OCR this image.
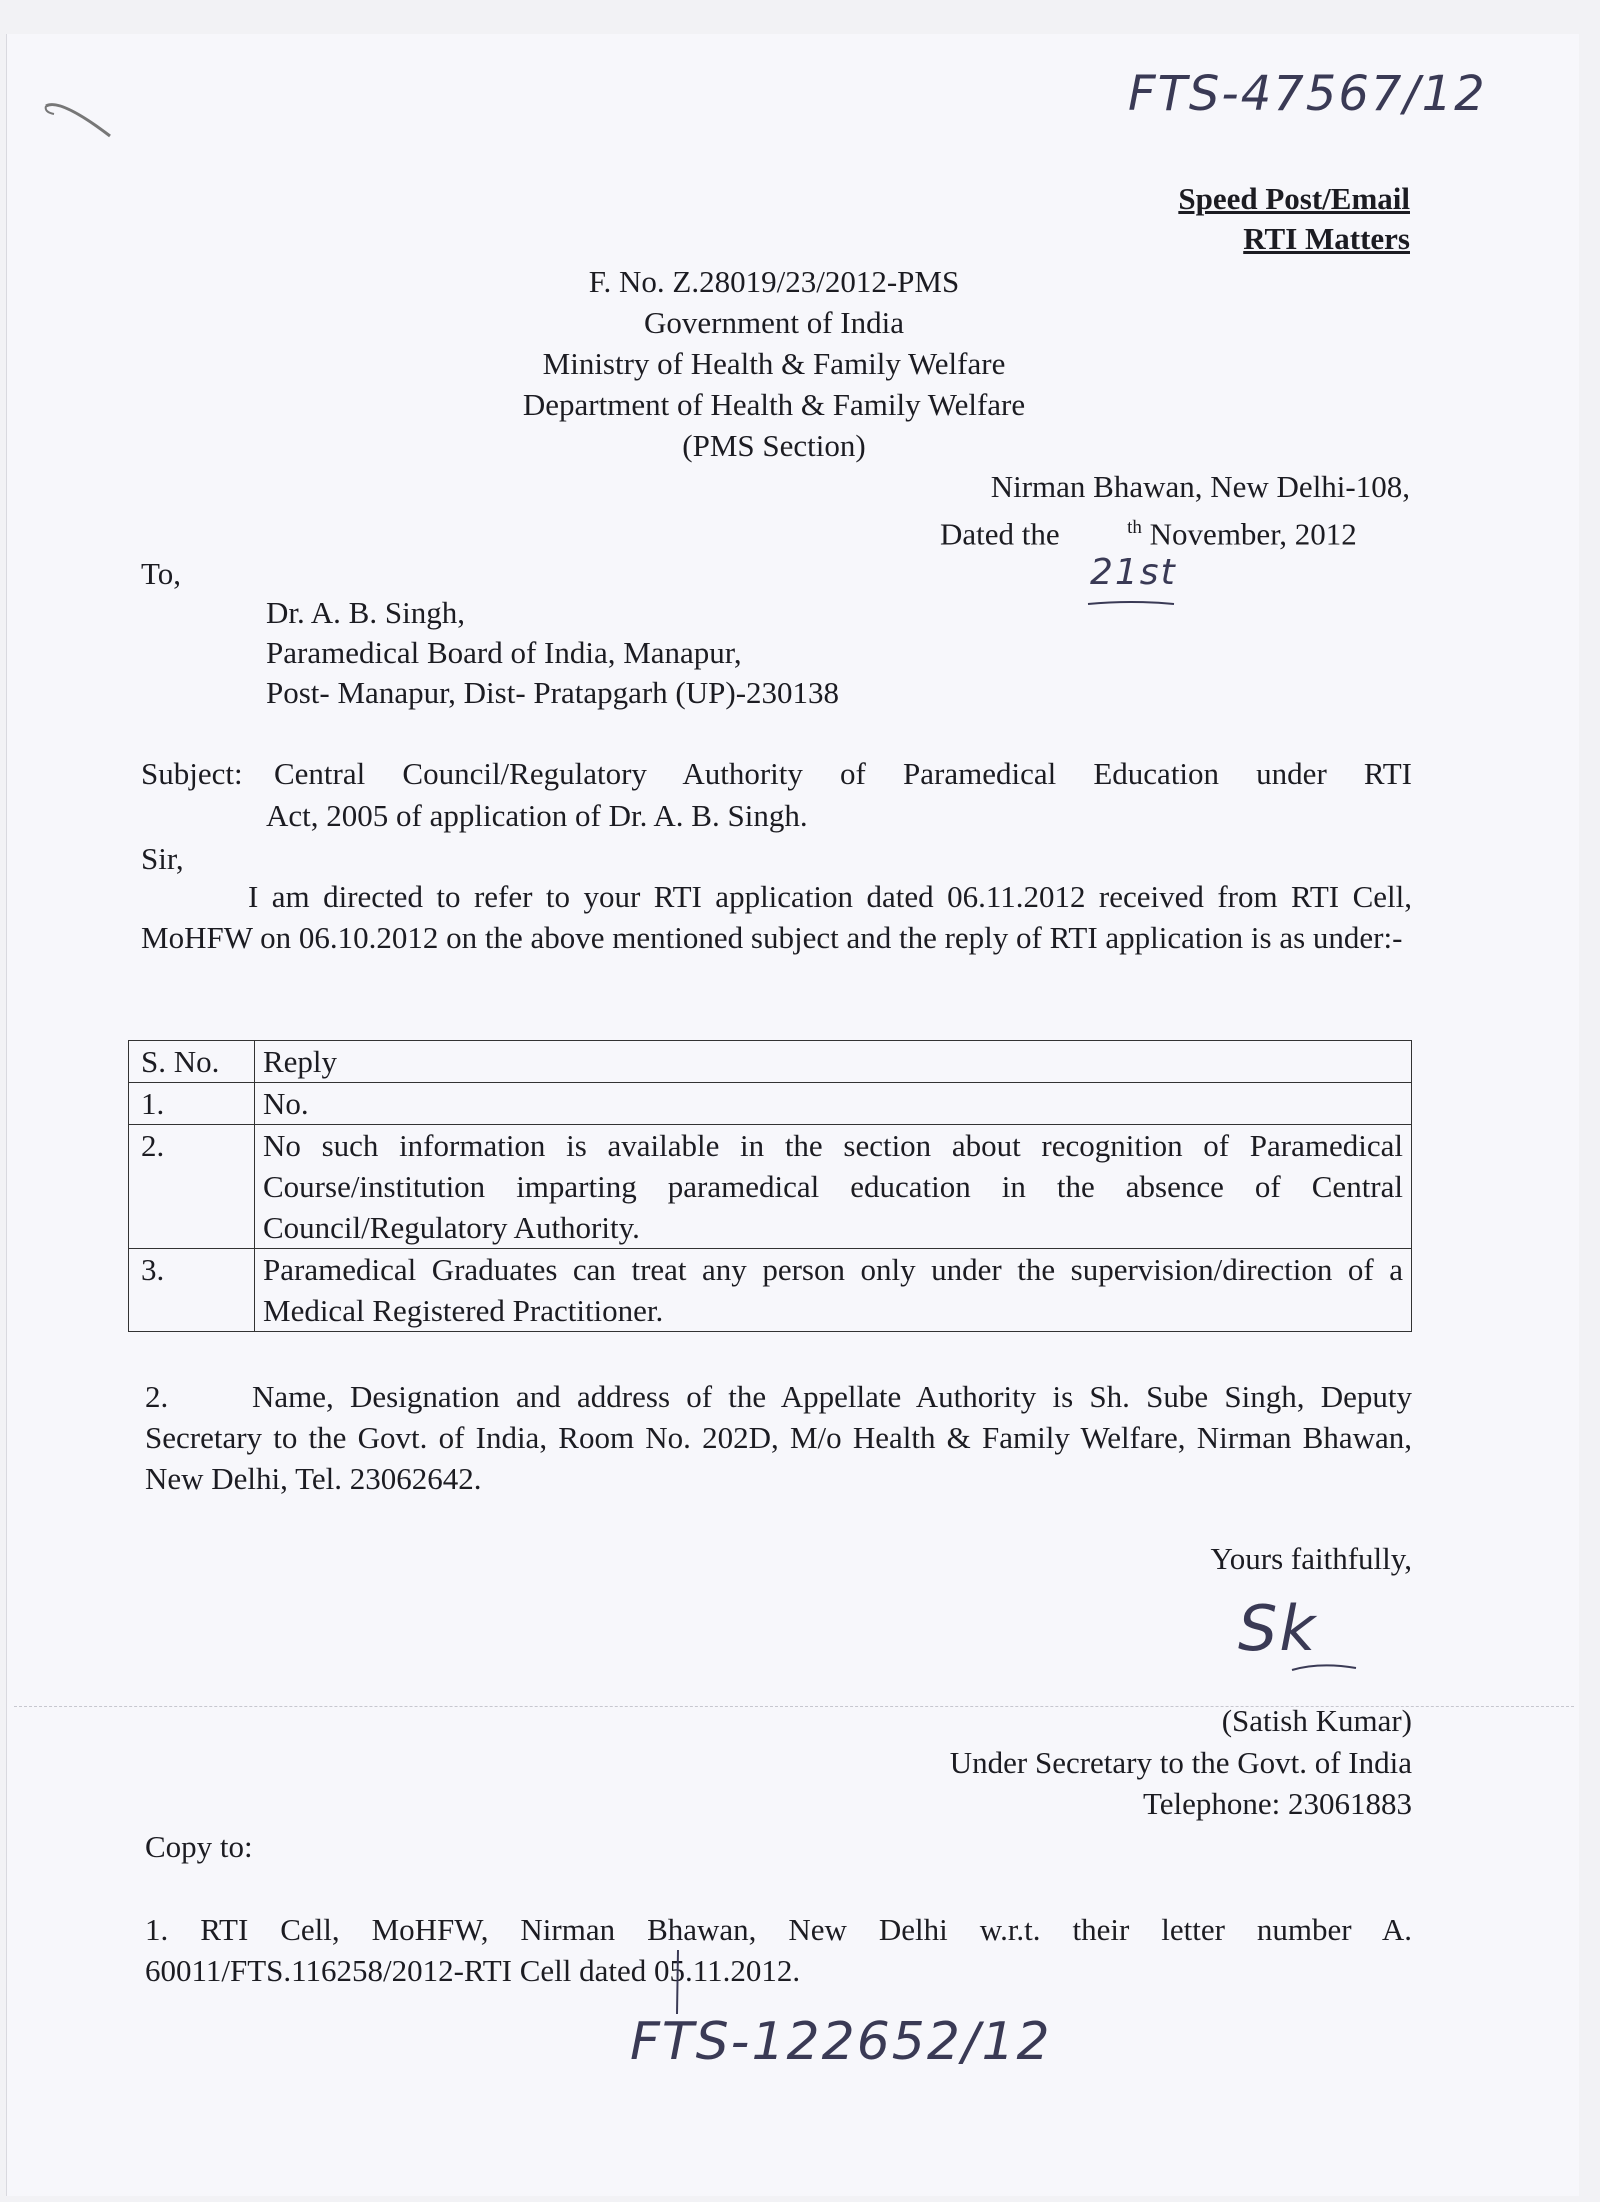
FTS-47567/12
Speed Post/Email
RTI Matters
F. No. Z.28019/23/2012-PMS
Government of India
Ministry of Health & Family Welfare
Department of Health & Family Welfare
(PMS Section)
Nirman Bhawan, New Delhi-108,
Dated the	$^{th}$ November, 2012
21st
To,
Dr. A. B. Singh,
Paramedical Board of India, Manapur,
Post- Manapur, Dist- Pratapgarh (UP)-230138
Subject: Central Council/Regulatory Authority of Paramedical Education under RTI
Act, 2005 of application of Dr. A. B. Singh.
Sir,
I am directed to refer to your RTI application dated 06.11.2012 received from RTI Cell, MoHFW on 06.10.2012 on the above mentioned subject and the reply of RTI application is as under:-
S. No.	Reply
1.	No.
2.	No such information is available in the section about recognition of Paramedical Course/institution imparting paramedical education in the absence of Central Council/Regulatory Authority.
3.	Paramedical Graduates can treat any person only under the supervision/direction of a Medical Registered Practitioner.
2.	Name, Designation and address of the Appellate Authority is Sh. Sube Singh, Deputy Secretary to the Govt. of India, Room No. 202D, M/o Health & Family Welfare, Nirman Bhawan, New Delhi, Tel. 23062642.
Yours faithfully,
Sk
(Satish Kumar)
Under Secretary to the Govt. of India
Telephone: 23061883
Copy to:
1. RTI Cell, MoHFW, Nirman Bhawan, New Delhi w.r.t. their letter number A. 60011/FTS.116258/2012-RTI Cell dated 05.11.2012.
FTS-122652/12
